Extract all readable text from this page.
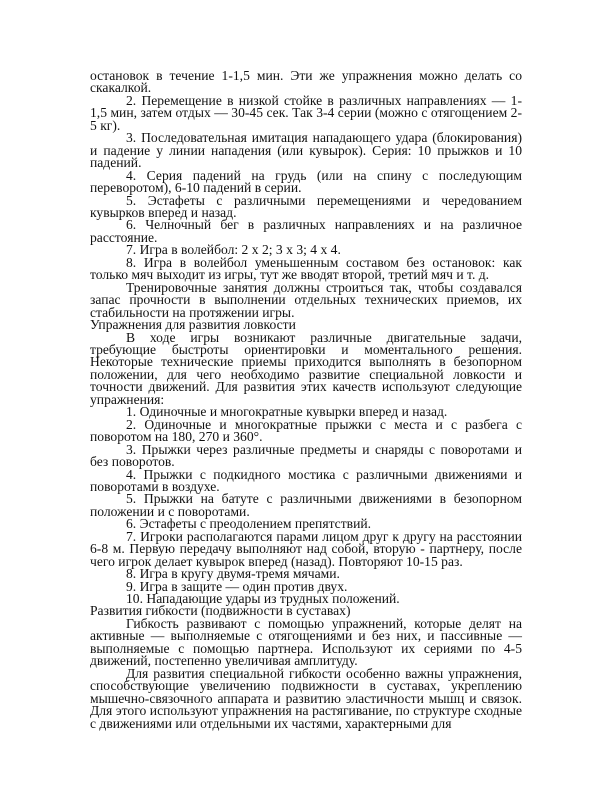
остановок в течение 1-1,5 мин. Эти же упражнения можно делать со скакалкой.

2. Перемещение в низкой стойке в различных направлениях — 1-1,5 мин, затем отдых — 30-45 сек. Так 3-4 серии (можно с отягощением 2-5 кг).

3. Последовательная имитация нападающего удара (блокирования) и падение у линии нападения (или кувырок). Серия: 10 прыжков и 10 падений.

4. Серия падений на грудь (или на спину с последующим переворотом), 6-10 падений в серии.

5. Эстафеты с различными перемещениями и чередованием кувырков вперед и назад.

6. Челночный бег в различных направлениях и на различное расстояние.

7. Игра в волейбол: 2 х 2; 3 х 3; 4 х 4.

8. Игра в волейбол уменьшенным составом без остановок: как только мяч выходит из игры, тут же вводят второй, третий мяч и т. д.

Тренировочные занятия должны строиться так, чтобы создавался запас прочности в выполнении отдельных технических приемов, их стабильности на протяжении игры.

Упражнения для развития ловкости

В ходе игры возникают различные двигательные задачи, требующие быстроты ориентировки и моментального решения. Некоторые технические приемы приходится выполнять в безопорном положении, для чего необходимо развитие специальной ловкости и точности движений. Для развития этих качеств используют следующие упражнения:

1. Одиночные и многократные кувырки вперед и назад.

2. Одиночные и многократные прыжки с места и с разбега с поворотом на 180, 270 и 360°.

3. Прыжки через различные предметы и снаряды с поворотами и без поворотов.

4. Прыжки с подкидного мостика с различными движениями и поворотами в воздухе.

5. Прыжки на батуте с различными движениями в безопорном положении и с поворотами.

6. Эстафеты с преодолением препятствий.

7. Игроки располагаются парами лицом друг к другу на расстоянии 6-8 м. Первую передачу выполняют над собой, вторую - партнеру, после чего игрок делает кувырок вперед (назад). Повторяют 10-15 раз.

8. Игра в кругу двумя-тремя мячами.

9. Игра в защите — один против двух.

10. Нападающие удары из трудных положений.

Развития гибкости (подвижности в суставах)

Гибкость развивают с помощью упражнений, которые делят на активные — выполняемые с отягощениями и без них, и пассивные — выполняемые с помощью партнера. Используют их сериями по 4-5 движений, постепенно увеличивая амплитуду.

Для развития специальной гибкости особенно важны упражнения, способствующие увеличению подвижности в суставах, укреплению мышечно-связочного аппарата и развитию эластичности мышц и связок. Для этого используют упражнения на растягивание, по структуре сходные с движениями или отдельными их частями, характерными для
